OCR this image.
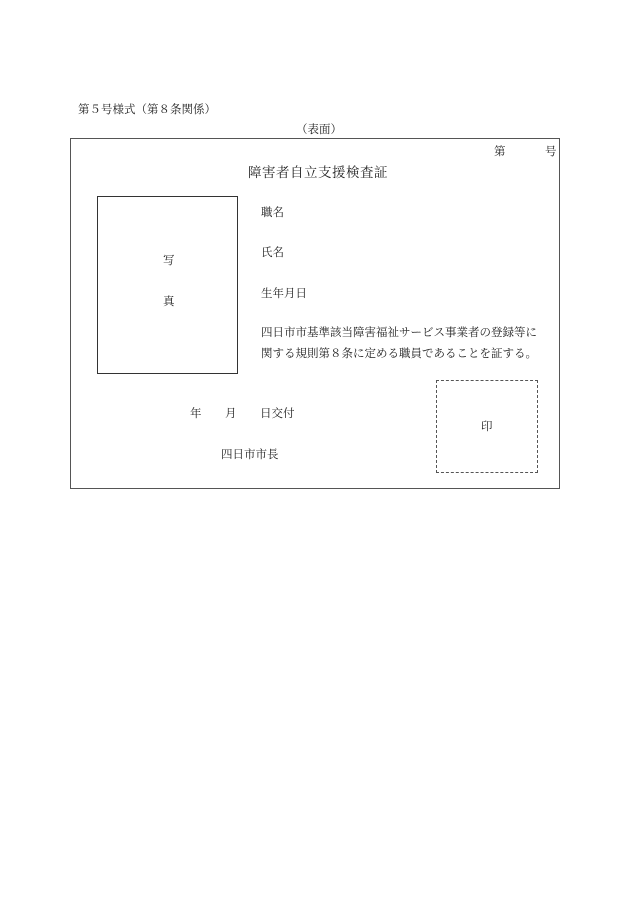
第５号様式（第８条関係）
（表面）
第	号
障害者自立支援検査証
写
真
職名
氏名
生年月日
四日市市基準該当障害福祉サービス事業者の登録等に
関する規則第８条に定める職員であることを証する。
年 月 日交付
四日市市長
印
